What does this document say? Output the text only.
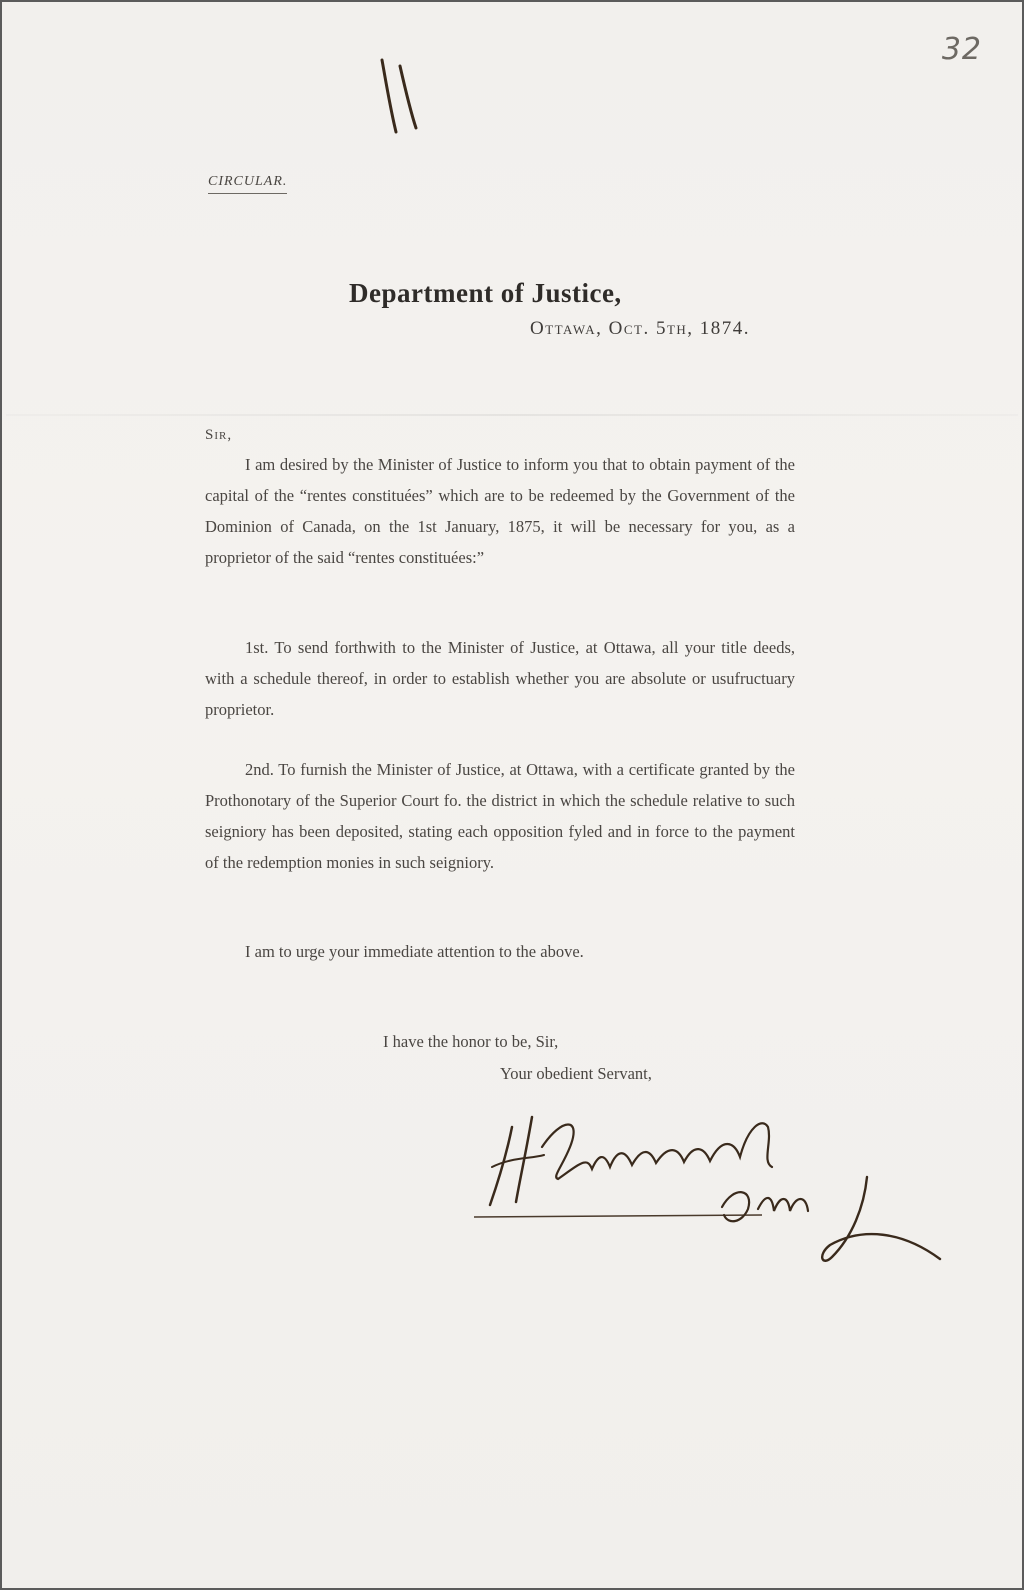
32
CIRCULAR.
Department of Justice,
Ottawa, Oct. 5th, 1874.
Sir,
I am desired by the Minister of Justice to inform you that to obtain payment of the capital of the “rentes constituées” which are to be redeemed by the Government of the Dominion of Canada, on the 1st January, 1875, it will be necessary for you, as a proprietor of the said “rentes constituées:”
1st. To send forthwith to the Minister of Justice, at Ottawa, all your title deeds, with a schedule thereof, in order to establish whether you are absolute or usufructuary proprietor.
2nd. To furnish the Minister of Justice, at Ottawa, with a certificate granted by the Prothonotary of the Superior Court fo. the district in which the schedule relative to such seigniory has been deposited, stating each opposition fyled and in force to the payment of the redemption monies in such seigniory.
I am to urge your immediate attention to the above.
I have the honor to be, Sir,
Your obedient Servant,
